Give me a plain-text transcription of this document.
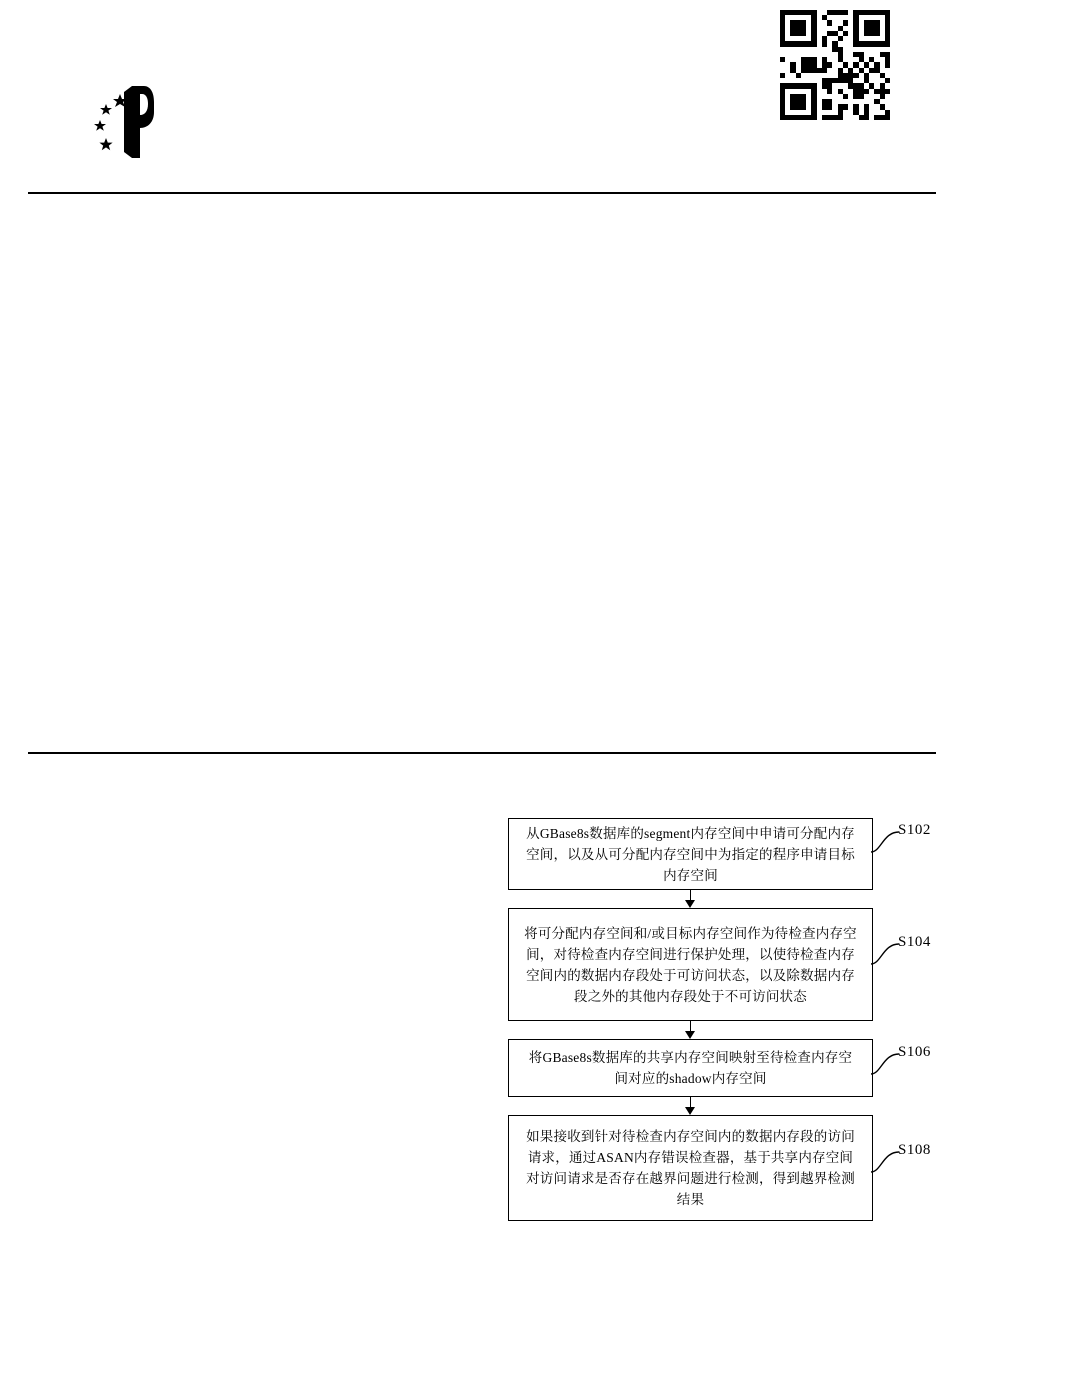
从GBase8s数据库的segment内存空间中申请可分配内存空间，以及从可分配内存空间中为指定的程序申请目标内存空间
S102
将可分配内存空间和/或目标内存空间作为待检查内存空间，对待检查内存空间进行保护处理，以使待检查内存空间内的数据内存段处于可访问状态，以及除数据内存段之外的其他内存段处于不可访问状态
S104
将GBase8s数据库的共享内存空间映射至待检查内存空间对应的shadow内存空间
S106
如果接收到针对待检查内存空间内的数据内存段的访问请求，通过ASAN内存错误检查器，基于共享内存空间对访问请求是否存在越界问题进行检测，得到越界检测结果
S108
